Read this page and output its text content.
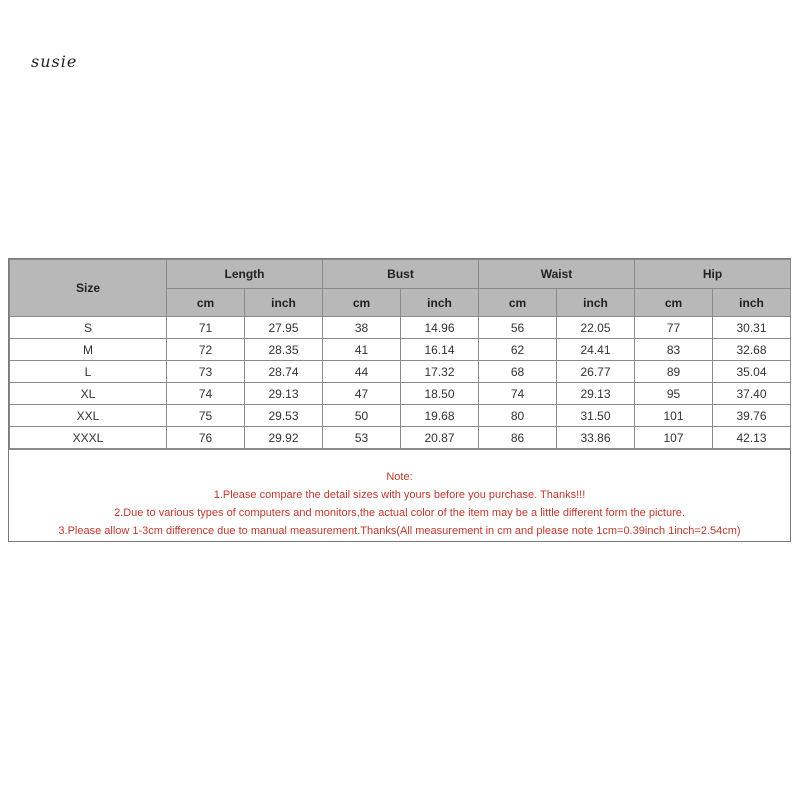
susie
Size	Length		Bust		Waist		Hip	
	cm	inch	cm	inch	cm	inch	cm	inch
S	71	27.95	38	14.96	56	22.05	77	30.31
M	72	28.35	41	16.14	62	24.41	83	32.68
L	73	28.74	44	17.32	68	26.77	89	35.04
XL	74	29.13	47	18.50	74	29.13	95	37.40
XXL	75	29.53	50	19.68	80	31.50	101	39.76
XXXL	76	29.92	53	20.87	86	33.86	107	42.13
Note:
1.Please compare the detail sizes with yours before you purchase. Thanks!!!
2.Due to various types of computers and monitors,the actual color of the item may be a little different form the picture.
3.Please allow 1-3cm difference due to manual measurement.Thanks(All measurement in cm and please note 1cm=0.39inch 1inch=2.54cm)
